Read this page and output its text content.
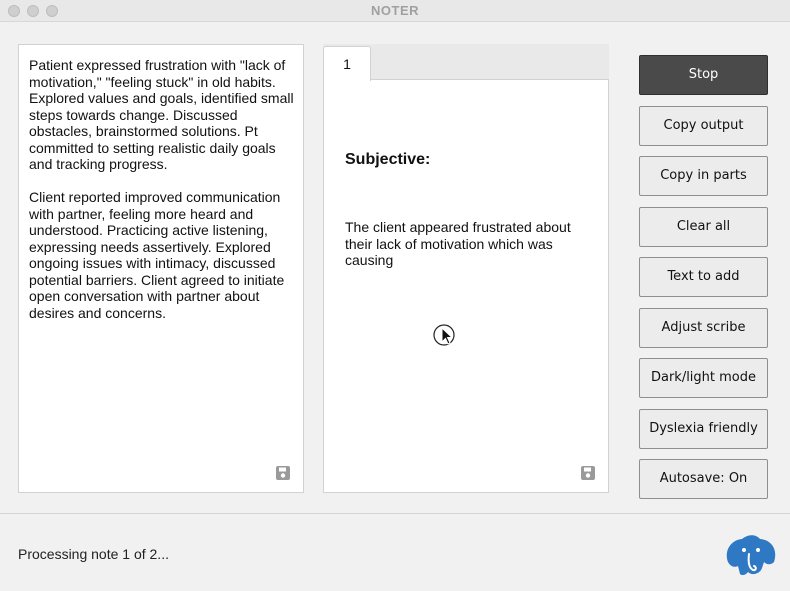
NOTER

Patient expressed frustration with "lack of motivation," "feeling stuck" in old habits. Explored values and goals, identified small steps towards change. Discussed obstacles, brainstormed solutions. Pt committed to setting realistic daily goals and tracking progress.

Client reported improved communication with partner, feeling more heard and understood. Practicing active listening, expressing needs assertively. Explored ongoing issues with intimacy, discussed potential barriers. Client agreed to initiate open conversation with partner about desires and concerns.

1
Subjective:
The client appeared frustrated about their lack of motivation which was causing
Stop
Copy output
Copy in parts
Clear all
Text to add
Adjust scribe
Dark/light mode
Dyslexia friendly
Autosave: On
Processing note 1 of 2...
